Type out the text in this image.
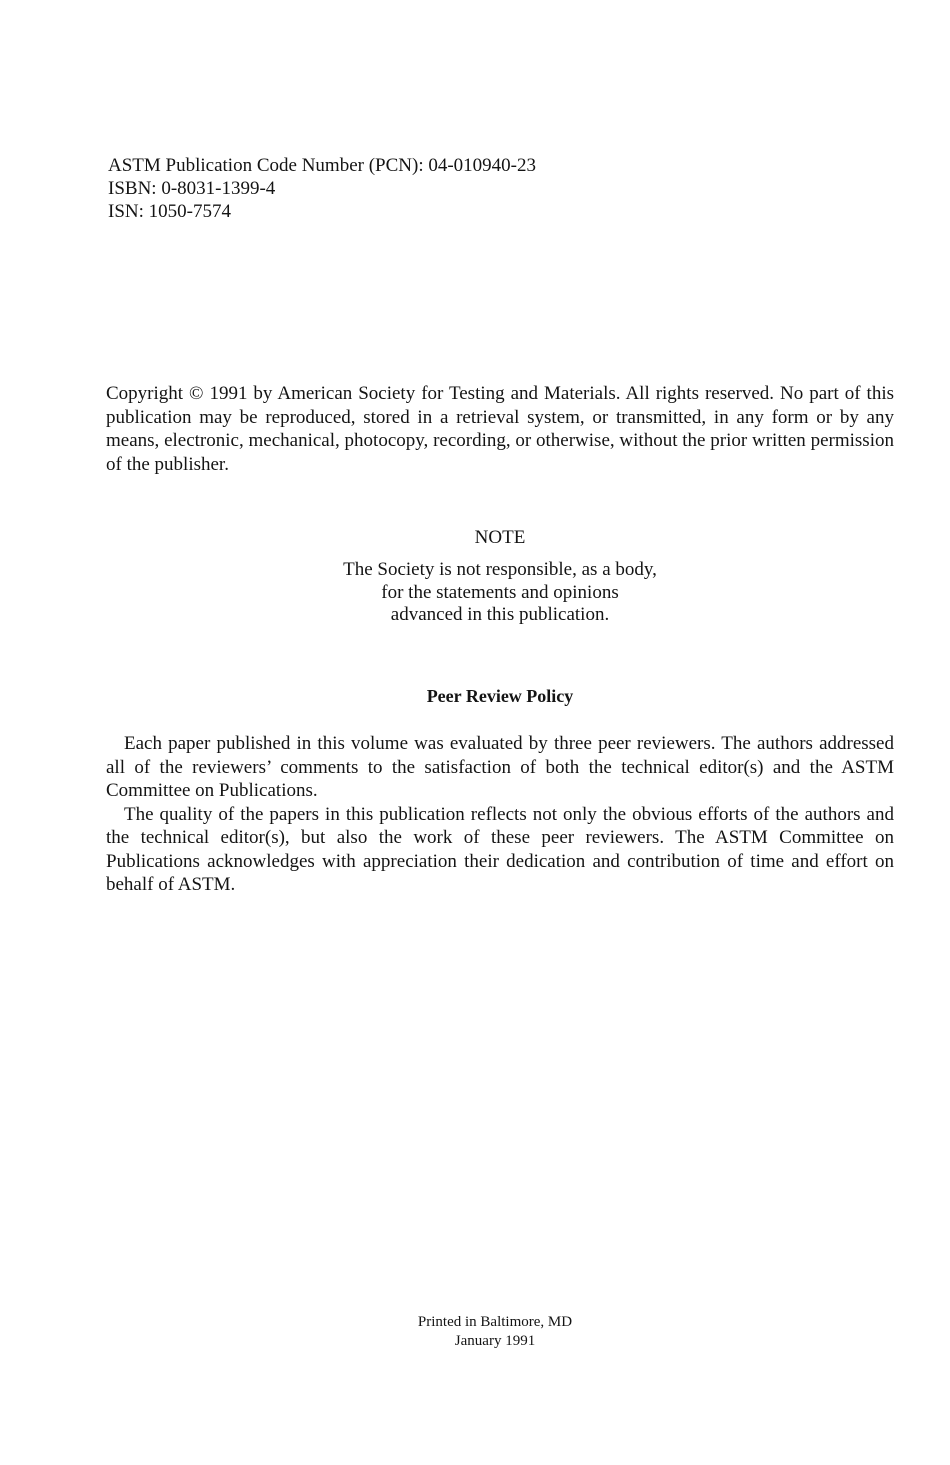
ASTM Publication Code Number (PCN): 04-010940-23
ISBN: 0-8031-1399-4
ISN: 1050-7574
Copyright © 1991 by American Society for Testing and Materials. All rights reserved. No part of this publication may be reproduced, stored in a retrieval system, or transmitted, in any form or by any means, electronic, mechanical, photocopy, recording, or otherwise, without the prior written permission of the publisher.
NOTE
The Society is not responsible, as a body,
for the statements and opinions
advanced in this publication.
Peer Review Policy

Each paper published in this volume was evaluated by three peer reviewers. The authors addressed all of the reviewers’ comments to the satisfaction of both the technical editor(s) and the ASTM Committee on Publications.

The quality of the papers in this publication reflects not only the obvious efforts of the authors and the technical editor(s), but also the work of these peer reviewers. The ASTM Committee on Publications acknowledges with appreciation their dedication and contribution of time and effort on behalf of ASTM.

Printed in Baltimore, MD
January 1991
